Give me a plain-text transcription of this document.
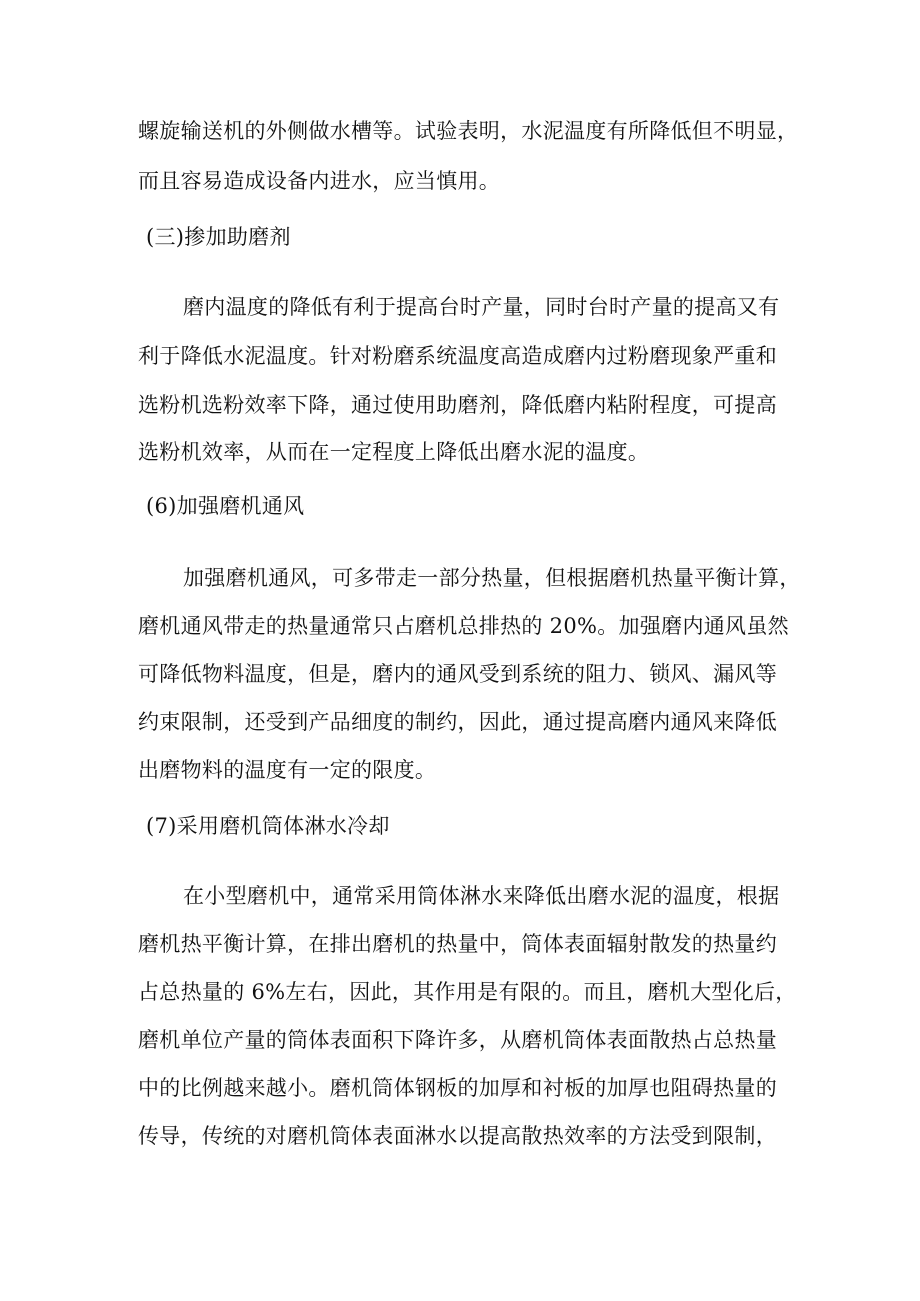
螺旋输送机的外侧做水槽等。试验表明，水泥温度有所降低但不明显，
而且容易造成设备内进水，应当慎用。
(三)掺加助磨剂
磨内温度的降低有利于提高台时产量，同时台时产量的提高又有
利于降低水泥温度。针对粉磨系统温度高造成磨内过粉磨现象严重和
选粉机选粉效率下降，通过使用助磨剂，降低磨内粘附程度，可提高
选粉机效率，从而在一定程度上降低出磨水泥的温度。
(6)加强磨机通风
加强磨机通风，可多带走一部分热量，但根据磨机热量平衡计算，
磨机通风带走的热量通常只占磨机总排热的 20%。加强磨内通风虽然
可降低物料温度，但是，磨内的通风受到系统的阻力、锁风、漏风等
约束限制，还受到产品细度的制约，因此，通过提高磨内通风来降低
出磨物料的温度有一定的限度。
(7)采用磨机筒体淋水冷却
在小型磨机中，通常采用筒体淋水来降低出磨水泥的温度，根据
磨机热平衡计算，在排出磨机的热量中，筒体表面辐射散发的热量约
占总热量的 6%左右，因此，其作用是有限的。而且，磨机大型化后，
磨机单位产量的筒体表面积下降许多，从磨机筒体表面散热占总热量
中的比例越来越小。磨机筒体钢板的加厚和衬板的加厚也阻碍热量的
传导，传统的对磨机筒体表面淋水以提高散热效率的方法受到限制，
